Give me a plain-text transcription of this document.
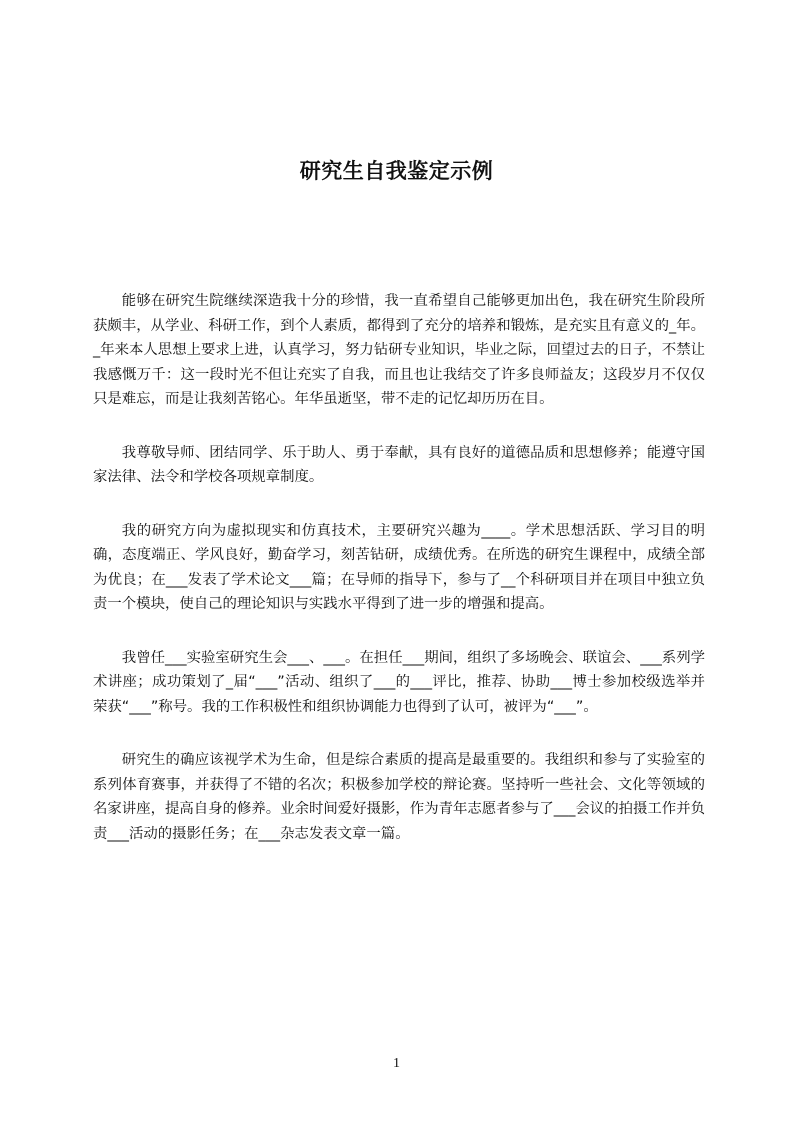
研究生自我鉴定示例

能够在研究生院继续深造我十分的珍惜，我一直希望自己能够更加出色，我在研究生阶段所获颇丰，从学业、科研工作，到个人素质，都得到了充分的培养和锻炼，是充实且有意义的_年。_年来本人思想上要求上进，认真学习，努力钻研专业知识，毕业之际，回望过去的日子，不禁让我感慨万千：这一段时光不但让充实了自我，而且也让我结交了许多良师益友；这段岁月不仅仅只是难忘，而是让我刻苦铭心。年华虽逝坚，带不走的记忆却历历在目。

我尊敬导师、团结同学、乐于助人、勇于奉献，具有良好的道德品质和思想修养；能遵守国家法律、法令和学校各项规章制度。

我的研究方向为虚拟现实和仿真技术，主要研究兴趣为____。学术思想活跃、学习目的明确，态度端正、学风良好，勤奋学习，刻苦钻研，成绩优秀。在所选的研究生课程中，成绩全部为优良；在___发表了学术论文___篇；在导师的指导下，参与了__个科研项目并在项目中独立负责一个模块，使自己的理论知识与实践水平得到了进一步的增强和提高。

我曾任___实验室研究生会___、___。在担任___期间，组织了多场晚会、联谊会、___系列学术讲座；成功策划了_届“___”活动、组织了___的___评比，推荐、协助___博士参加校级选举并荣获“___”称号。我的工作积极性和组织协调能力也得到了认可，被评为“___”。

研究生的确应该视学术为生命，但是综合素质的提高是最重要的。我组织和参与了实验室的系列体育赛事，并获得了不错的名次；积极参加学校的辩论赛。坚持听一些社会、文化等领域的名家讲座，提高自身的修养。业余时间爱好摄影，作为青年志愿者参与了___会议的拍摄工作并负责___活动的摄影任务；在___杂志发表文章一篇。

1
